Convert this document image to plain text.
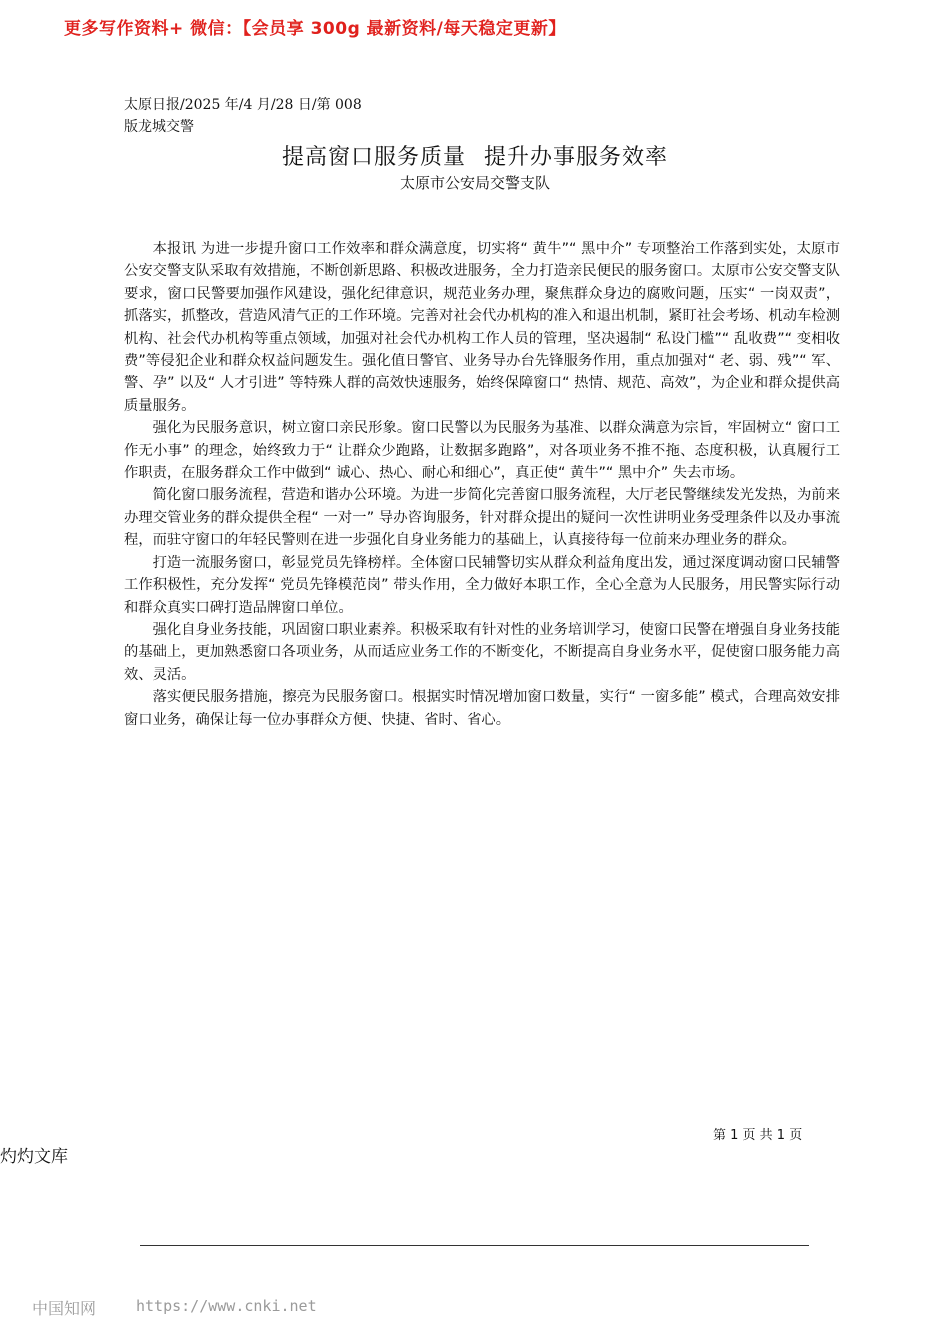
更多写作资料+ 微信：【会员享 300g 最新资料/每天稳定更新】
太原日报/2025 年/4 月/28 日/第 008
版龙城交警
提高窗口服务质量 提升办事服务效率
太原市公安局交警支队

本报讯 为进一步提升窗口工作效率和群众满意度，切实将“ 黄牛”“ 黑中介” 专项整治工作落到实处，太原市公安交警支队采取有效措施，不断创新思路、积极改进服务，全力打造亲民便民的服务窗口。太原市公安交警支队要求，窗口民警要加强作风建设，强化纪律意识，规范业务办理，聚焦群众身边的腐败问题，压实“ 一岗双责”，抓落实，抓整改，营造风清气正的工作环境。完善对社会代办机构的准入和退出机制，紧盯社会考场、机动车检测机构、社会代办机构等重点领域，加强对社会代办机构工作人员的管理，坚决遏制“ 私设门槛”“ 乱收费”“ 变相收费”等侵犯企业和群众权益问题发生。强化值日警官、业务导办台先锋服务作用，重点加强对“ 老、弱、残”“ 军、警、孕” 以及“ 人才引进” 等特殊人群的高效快速服务，始终保障窗口“ 热情、规范、高效”，为企业和群众提供高质量服务。

强化为民服务意识，树立窗口亲民形象。窗口民警以为民服务为基准、以群众满意为宗旨，牢固树立“ 窗口工作无小事” 的理念，始终致力于“ 让群众少跑路，让数据多跑路”，对各项业务不推不拖、态度积极，认真履行工作职责，在服务群众工作中做到“ 诚心、热心、耐心和细心”，真正使“ 黄牛”“ 黑中介” 失去市场。

简化窗口服务流程，营造和谐办公环境。为进一步简化完善窗口服务流程，大厅老民警继续发光发热，为前来办理交管业务的群众提供全程“ 一对一” 导办咨询服务，针对群众提出的疑问一次性讲明业务受理条件以及办事流程，而驻守窗口的年轻民警则在进一步强化自身业务能力的基础上，认真接待每一位前来办理业务的群众。

打造一流服务窗口，彰显党员先锋榜样。全体窗口民辅警切实从群众利益角度出发，通过深度调动窗口民辅警工作积极性，充分发挥“ 党员先锋模范岗” 带头作用，全力做好本职工作，全心全意为人民服务，用民警实际行动和群众真实口碑打造品牌窗口单位。

强化自身业务技能，巩固窗口职业素养。积极采取有针对性的业务培训学习，使窗口民警在增强自身业务技能的基础上，更加熟悉窗口各项业务，从而适应业务工作的不断变化，不断提高自身业务水平，促使窗口服务能力高效、灵活。

落实便民服务措施，擦亮为民服务窗口。根据实时情况增加窗口数量，实行“ 一窗多能” 模式，合理高效安排窗口业务，确保让每一位办事群众方便、快捷、省时、省心。

第 1 页 共 1 页
灼灼文库
中国知网	https://www.cnki.net
